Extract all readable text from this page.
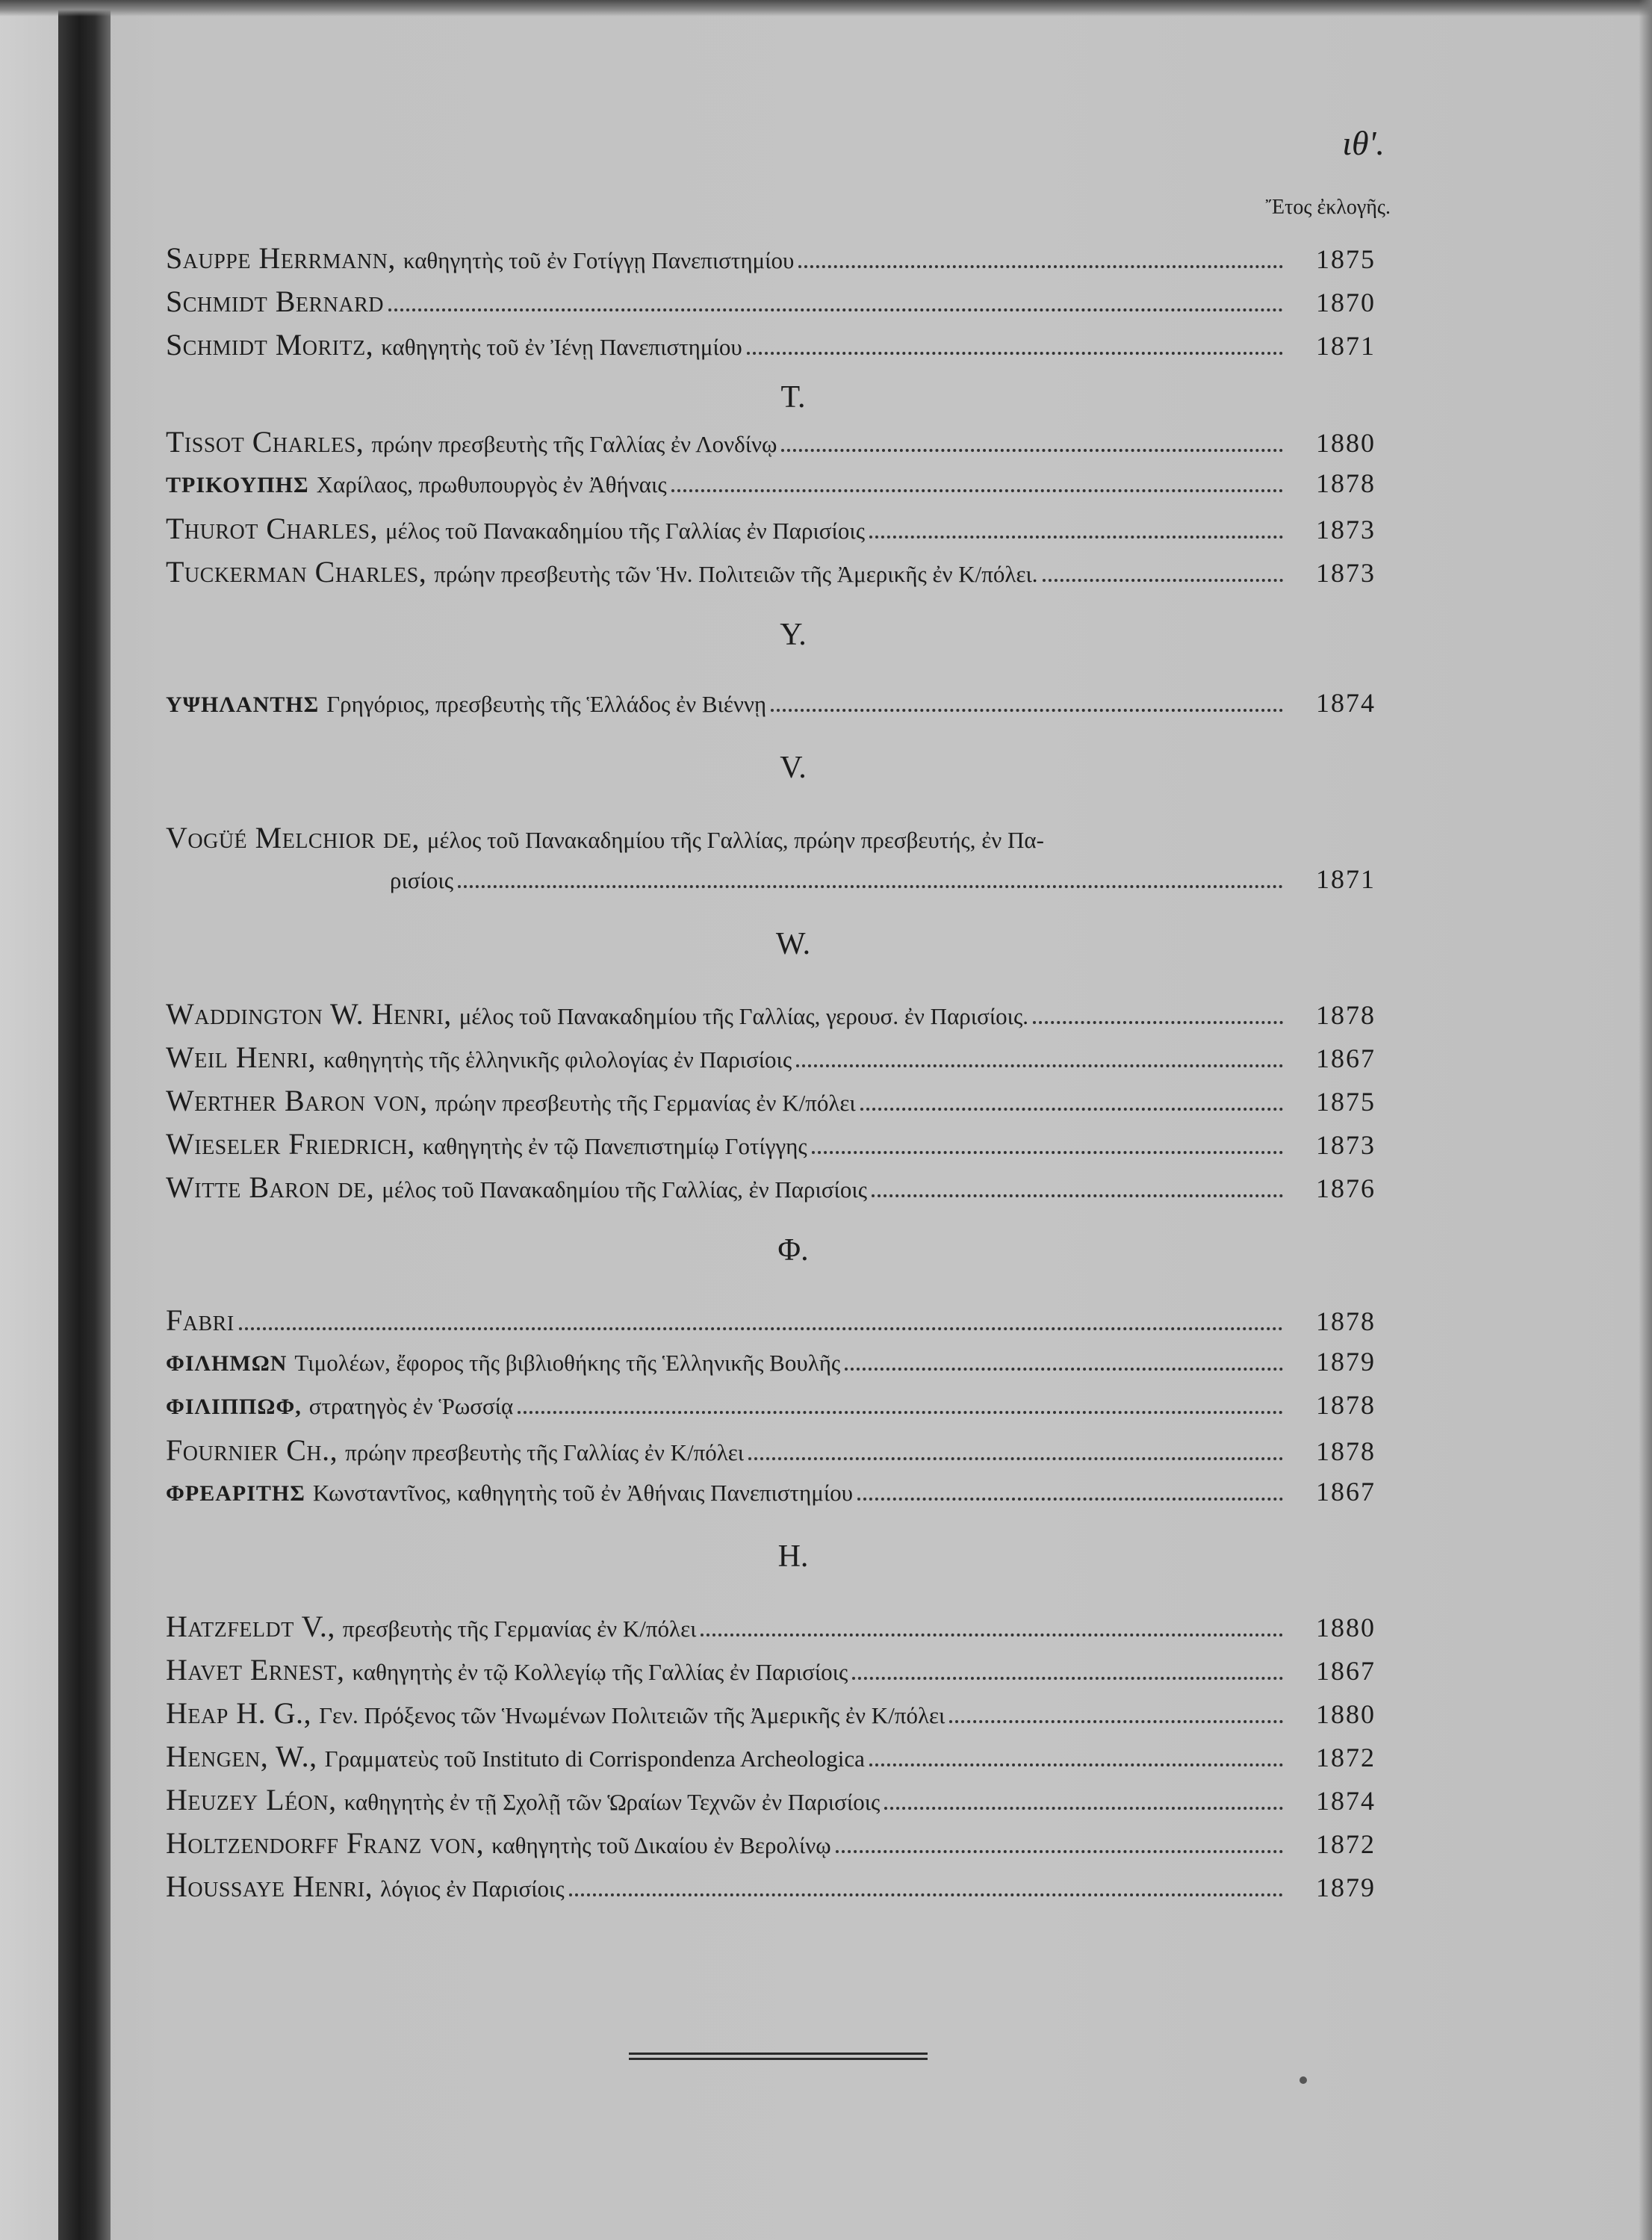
ιθ'.
Ἔτος ἐκλογῆς.
Sauppe Herrmann, καθηγητὴς τοῦ ἐν Γοτίγγῃ Πανεπιστημίου	1875
Schmidt Bernard	1870
Schmidt Moritz, καθηγητὴς τοῦ ἐν Ἰένῃ Πανεπιστημίου	1871
T.
Tissot Charles, πρώην πρεσβευτὴς τῆς Γαλλίας ἐν Λονδίνῳ	1880
ΤΡΙΚΟΥΠΗΣ Χαρίλαος, πρωθυπουργὸς ἐν Ἀθήναις	1878
Thurot Charles, μέλος τοῦ Πανακαδημίου τῆς Γαλλίας ἐν Παρισίοις	1873
Tuckerman Charles, πρώην πρεσβευτὴς τῶν Ἡν. Πολιτειῶν τῆς Ἀμερικῆς ἐν Κ/πόλει.	1873
Υ.
ΥΨΗΛΑΝΤΗΣ Γρηγόριος, πρεσβευτὴς τῆς Ἑλλάδος ἐν Βιέννῃ	1874
V.
Vogüé Melchior de, μέλος τοῦ Πανακαδημίου τῆς Γαλλίας, πρώην πρεσβευτής, ἐν Πα-
ρισίοις	1871
W.
Waddington W. Henri, μέλος τοῦ Πανακαδημίου τῆς Γαλλίας, γερουσ. ἐν Παρισίοις.	1878
Weil Henri, καθηγητὴς τῆς ἑλληνικῆς φιλολογίας ἐν Παρισίοις	1867
Werther Baron von, πρώην πρεσβευτὴς τῆς Γερμανίας ἐν Κ/πόλει	1875
Wieseler Friedrich, καθηγητὴς ἐν τῷ Πανεπιστημίῳ Γοτίγγης	1873
Witte Baron de, μέλος τοῦ Πανακαδημίου τῆς Γαλλίας, ἐν Παρισίοις	1876
Φ.
Fabri	1878
ΦΙΛΗΜΩΝ Τιμολέων, ἔφορος τῆς βιβλιοθήκης τῆς Ἑλληνικῆς Βουλῆς	1879
ΦΙΛΙΠΠΩΦ, στρατηγὸς ἐν Ῥωσσίᾳ	1878
Fournier Ch., πρώην πρεσβευτὴς τῆς Γαλλίας ἐν Κ/πόλει	1878
ΦΡΕΑΡΙΤΗΣ Κωνσταντῖνος, καθηγητὴς τοῦ ἐν Ἀθήναις Πανεπιστημίου	1867
H.
Hatzfeldt V., πρεσβευτὴς τῆς Γερμανίας ἐν Κ/πόλει	1880
Havet Ernest, καθηγητὴς ἐν τῷ Κολλεγίῳ τῆς Γαλλίας ἐν Παρισίοις	1867
Heap H. G., Γεν. Πρόξενος τῶν Ἡνωμένων Πολιτειῶν τῆς Ἀμερικῆς ἐν Κ/πόλει	1880
Hengen, W., Γραμματεὺς τοῦ Instituto di Corrispondenza Archeologica	1872
Heuzey Léon, καθηγητὴς ἐν τῇ Σχολῇ τῶν Ὡραίων Τεχνῶν ἐν Παρισίοις	1874
Holtzendorff Franz von, καθηγητὴς τοῦ Δικαίου ἐν Βερολίνῳ	1872
Houssaye Henri, λόγιος ἐν Παρισίοις	1879
